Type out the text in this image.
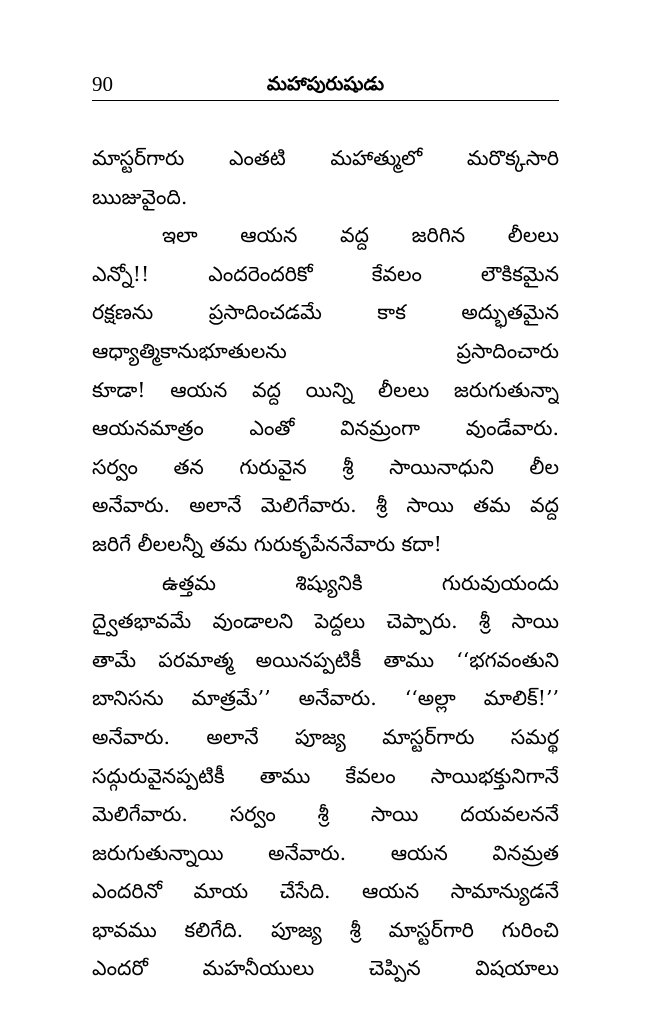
90	మహాపురుషుడు
మాస్టర్‌గారు ఎంతటి మహాత్ములో మరొక్కసారి
ఋజువైంది.
ఇలా ఆయన వద్ద జరిగిన లీలలు
ఎన్నో!! ఎందరెందరికో కేవలం లౌకికమైన
రక్షణను ప్రసాదించడమే కాక అద్భుతమైన
ఆధ్యాత్మికానుభూతులను ప్రసాదించారు
కూడా! ఆయన వద్ద యిన్ని లీలలు జరుగుతున్నా
ఆయనమాత్రం ఎంతో వినమ్రంగా వుండేవారు.
సర్వం తన గురువైన శ్రీ సాయినాధుని లీల
అనేవారు. అలానే మెలిగేవారు. శ్రీ సాయి తమ వద్ద
జరిగే లీలలన్నీ తమ గురుకృపేననేవారు కదా!
ఉత్తమ శిష్యునికి గురువుయందు
ద్వైతభావమే వుండాలని పెద్దలు చెప్పారు. శ్రీ సాయి
తామే పరమాత్మ అయినప్పటికీ తాము ‘‘భగవంతుని
బానిసను మాత్రమే’’ అనేవారు. ‘‘అల్లా మాలిక్!’’
అనేవారు. అలానే పూజ్య మాస్టర్‌గారు సమర్థ
సద్గురువైనప్పటికీ తాము కేవలం సాయిభక్తునిగానే
మెలిగేవారు. సర్వం శ్రీ సాయి దయవలననే
జరుగుతున్నాయి అనేవారు. ఆయన వినమ్రత
ఎందరినో మాయ చేసేది. ఆయన సామాన్యుడనే
భావము కలిగేది. పూజ్య శ్రీ మాస్టర్‌గారి గురించి
ఎందరో మహనీయులు చెప్పిన విషయాలు
